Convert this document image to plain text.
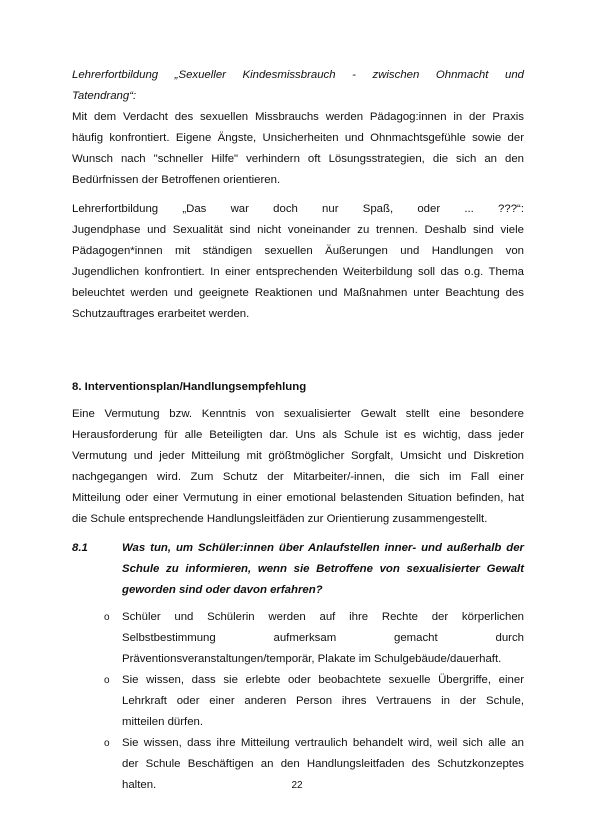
Lehrerfortbildung „Sexueller Kindesmissbrauch - zwischen Ohnmacht und
Tatendrang“:
Mit dem Verdacht des sexuellen Missbrauchs werden Pädagog:innen in der Praxis
häufig konfrontiert. Eigene Ängste, Unsicherheiten und Ohnmachtsgefühle sowie der
Wunsch nach "schneller Hilfe" verhindern oft Lösungsstrategien, die sich an den
Bedürfnissen der Betroffenen orientieren.
Lehrerfortbildung „Das war doch nur Spaß, oder ... ???“:
Jugendphase und Sexualität sind nicht voneinander zu trennen. Deshalb sind viele
Pädagogen*innen mit ständigen sexuellen Äußerungen und Handlungen von
Jugendlichen konfrontiert. In einer entsprechenden Weiterbildung soll das o.g. Thema
beleuchtet werden und geeignete Reaktionen und Maßnahmen unter Beachtung des
Schutzauftrages erarbeitet werden.
8. Interventionsplan/Handlungsempfehlung
Eine Vermutung bzw. Kenntnis von sexualisierter Gewalt stellt eine besondere
Herausforderung für alle Beteiligten dar. Uns als Schule ist es wichtig, dass jeder
Vermutung und jeder Mitteilung mit größtmöglicher Sorgfalt, Umsicht und Diskretion
nachgegangen wird. Zum Schutz der Mitarbeiter/-innen, die sich im Fall einer
Mitteilung oder einer Vermutung in einer emotional belastenden Situation befinden, hat
die Schule entsprechende Handlungsleitfäden zur Orientierung zusammengestellt.
8.1	Was tun, um Schüler:innen über Anlaufstellen inner- und außerhalb der
Schule zu informieren, wenn sie Betroffene von sexualisierter Gewalt
geworden sind oder davon erfahren?
o Schüler und Schülerin werden auf ihre Rechte der körperlichen
Selbstbestimmung aufmerksam gemacht durch
Präventionsveranstaltungen/temporär, Plakate im Schulgebäude/dauerhaft.
o Sie wissen, dass sie erlebte oder beobachtete sexuelle Übergriffe, einer
Lehrkraft oder einer anderen Person ihres Vertrauens in der Schule,
mitteilen dürfen.
o Sie wissen, dass ihre Mitteilung vertraulich behandelt wird, weil sich alle an
der Schule Beschäftigen an den Handlungsleitfaden des Schutzkonzeptes
halten.	22
